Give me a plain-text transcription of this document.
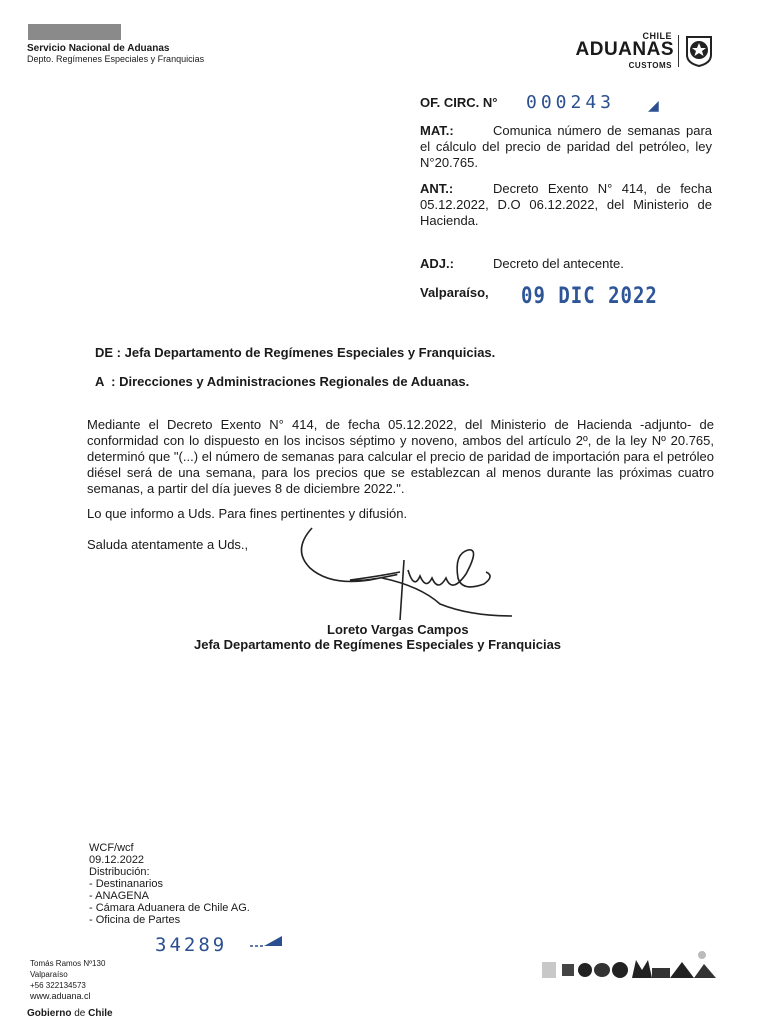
Servicio Nacional de Aduanas
Depto. Regímenes Especiales y Franquicias
CHILE
ADUANAS
CUSTOMS
OF. CIRC. N° 000243 ◢
MAT.:	Comunica número de semanas para el cálculo del precio de paridad del petróleo, ley N°20.765.
ANT.:	Decreto Exento N° 414, de fecha 05.12.2022, D.O 06.12.2022, del Ministerio de Hacienda.
ADJ.:	Decreto del antecente.
Valparaíso, 09 DIC 2022
DE : Jefa Departamento de Regímenes Especiales y Franquicias.
A  : Direcciones y Administraciones Regionales de Aduanas.
Mediante el Decreto Exento N° 414, de fecha 05.12.2022, del Ministerio de Hacienda -adjunto- de conformidad con lo dispuesto en los incisos séptimo y noveno, ambos del artículo 2º, de la ley Nº 20.765, determinó que "(...) el número de semanas para calcular el precio de paridad de importación para el petróleo diésel será de una semana, para los precios que se establezcan al menos durante las próximas cuatro semanas, a partir del día jueves 8 de diciembre 2022.".
Lo que informo a Uds. Para fines pertinentes y difusión.
Saluda atentamente a Uds.,
Loreto Vargas Campos
Jefa Departamento de Regímenes Especiales y Franquicias
WCF/wcf
09.12.2022
Distribución:
- Destinanarios
- ANAGENA
- Cámara Aduanera de Chile AG.
- Oficina de Partes
34289
Tomás Ramos Nº130
Valparaíso
+56 322134573
www.aduana.cl
Gobierno de Chile
